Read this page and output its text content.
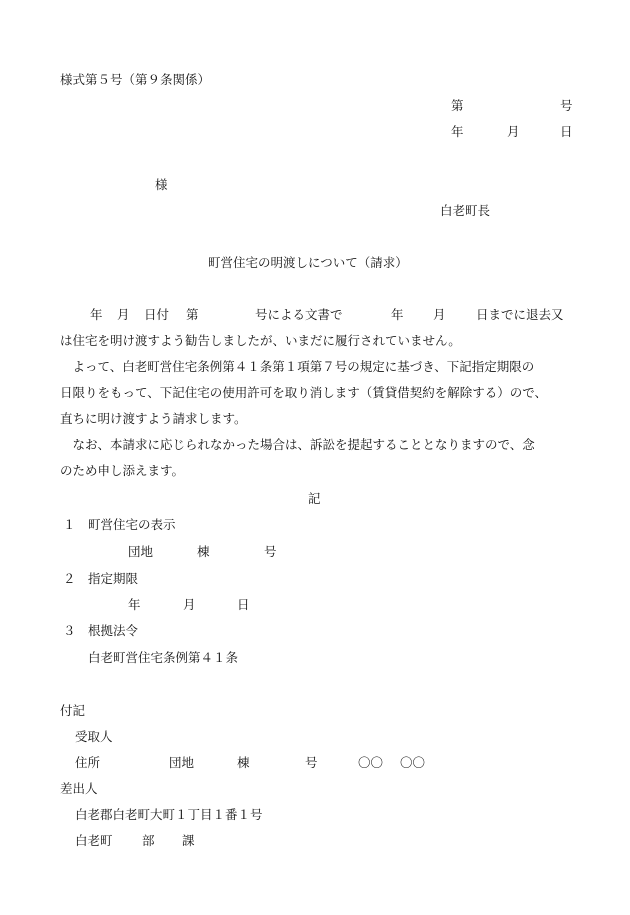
様式第５号（第９条関係）
第	号
年	月	日
様
白老町長
町営住宅の明渡しについて（請求）
年 月 日付 第	号による文書で	年 月 日までに退去又
は住宅を明け渡すよう勧告しましたが、いまだに履行されていません。
　よって、白老町営住宅条例第４１条第１項第７号の規定に基づき、下記指定期限の
日限りをもって、下記住宅の使用許可を取り消します（賃貸借契約を解除する）ので、
直ちに明け渡すよう請求します。
　なお、本請求に応じられなかった場合は、訴訟を提起することとなりますので、念
のため申し添えます。
記
１ 町営住宅の表示
団地	棟	号
２ 指定期限
年	月	日
３ 根拠法令
白老町営住宅条例第４１条
付記
受取人
住所	団地	棟	号	〇〇 〇〇
差出人
白老郡白老町大町１丁目１番１号
白老町 部 課
